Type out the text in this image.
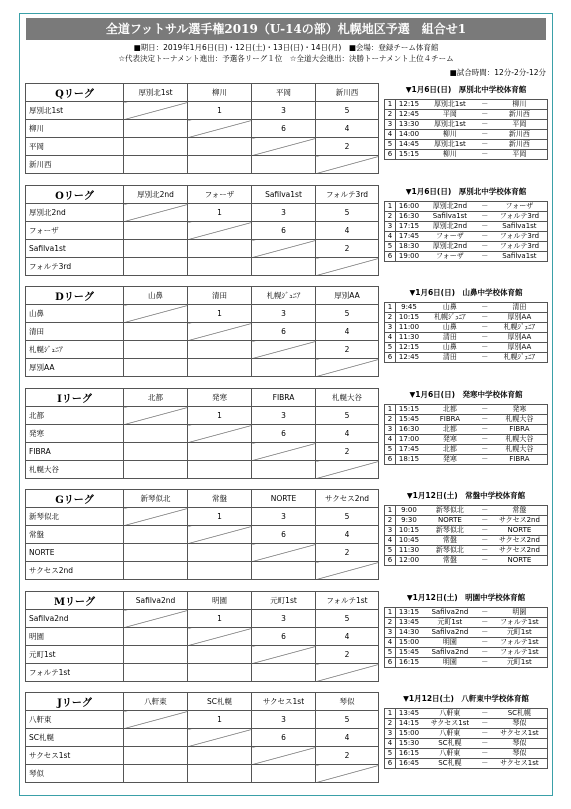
全道フットサル選手権2019（U-14の部）札幌地区予選　組合せ1
■期日：2019年1月6日(日)・12日(土)・13日(日)・14日(月)　■会場：登録チーム体育館
☆代表決定トーナメント進出：予選各リーグ１位　☆全道大会進出：決勝トーナメント上位４チーム
■試合時間：12分-2分-12分
Qリーグ	厚別北1st	柳川	平岡	新川西
厚別北1st		1	3	5
柳川			6	4
平岡				2
新川西				
▼1月6日(日)　厚別北中学校体育館
1	12:15	厚別北1st	－	柳川
2	12:45	平岡	－	新川西
3	13:30	厚別北1st	－	平岡
4	14:00	柳川	－	新川西
5	14:45	厚別北1st	－	新川西
6	15:15	柳川	－	平岡
Oリーグ	厚別北2nd	フォーザ	Safilva1st	フォルテ3rd
厚別北2nd		1	3	5
フォーザ			6	4
Safilva1st				2
フォルテ3rd				
▼1月6日(日)　厚別北中学校体育館
1	16:00	厚別北2nd	－	フォーザ
2	16:30	Safilva1st	－	フォルテ3rd
3	17:15	厚別北2nd	－	Safilva1st
4	17:45	フォーザ	－	フォルテ3rd
5	18:30	厚別北2nd	－	フォルテ3rd
6	19:00	フォーザ	－	Safilva1st
Dリーグ	山鼻	清田	札幌ｼﾞｭﾆｱ	厚別AA
山鼻		1	3	5
清田			6	4
札幌ｼﾞｭﾆｱ				2
厚別AA				
▼1月6日(日)　山鼻中学校体育館
1	9:45	山鼻	－	清田
2	10:15	札幌ｼﾞｭﾆｱ	－	厚別AA
3	11:00	山鼻	－	札幌ｼﾞｭﾆｱ
4	11:30	清田	－	厚別AA
5	12:15	山鼻	－	厚別AA
6	12:45	清田	－	札幌ｼﾞｭﾆｱ
Iリーグ	北都	発寒	FIBRA	札幌大谷
北都		1	3	5
発寒			6	4
FIBRA				2
札幌大谷				
▼1月6日(日)　発寒中学校体育館
1	15:15	北都	－	発寒
2	15:45	FIBRA	－	札幌大谷
3	16:30	北都	－	FIBRA
4	17:00	発寒	－	札幌大谷
5	17:45	北都	－	札幌大谷
6	18:15	発寒	－	FIBRA
Gリーグ	新琴似北	常盤	NORTE	サクセス2nd
新琴似北		1	3	5
常盤			6	4
NORTE				2
サクセス2nd				
▼1月12日(土)　常盤中学校体育館
1	9:00	新琴似北	－	常盤
2	9:30	NORTE	－	サクセス2nd
3	10:15	新琴似北	－	NORTE
4	10:45	常盤	－	サクセス2nd
5	11:30	新琴似北	－	サクセス2nd
6	12:00	常盤	－	NORTE
Mリーグ	Safilva2nd	明園	元町1st	フォルテ1st
Safilva2nd		1	3	5
明園			6	4
元町1st				2
フォルテ1st				
▼1月12日(土)　明園中学校体育館
1	13:15	Safilva2nd	－	明園
2	13:45	元町1st	－	フォルテ1st
3	14:30	Safilva2nd	－	元町1st
4	15:00	明園	－	フォルテ1st
5	15:45	Safilva2nd	－	フォルテ1st
6	16:15	明園	－	元町1st
Jリーグ	八軒東	SC札幌	サクセス1st	琴似
八軒東		1	3	5
SC札幌			6	4
サクセス1st				2
琴似				
▼1月12日(土)　八軒東中学校体育館
1	13:45	八軒東	－	SC札幌
2	14:15	サクセス1st	－	琴似
3	15:00	八軒東	－	サクセス1st
4	15:30	SC札幌	－	琴似
5	16:15	八軒東	－	琴似
6	16:45	SC札幌	－	サクセス1st
